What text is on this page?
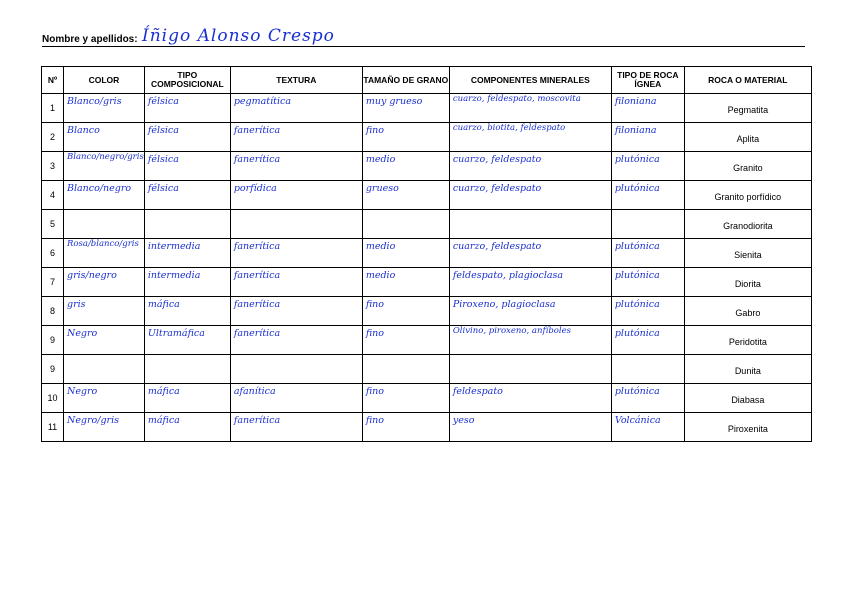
Nombre y apellidos: Íñigo Alonso Crespo
Nº	COLOR	TIPO COMPOSICIONAL	TEXTURA	TAMAÑO DE GRANO	COMPONENTES MINERALES	TIPO DE ROCA ÍGNEA	ROCA O MATERIAL
1	Blanco/gris	félsica	pegmatítica	muy grueso	cuarzo, feldespato, moscovita	filoniana	Pegmatita
2	Blanco	félsica	fanerítica	fino	cuarzo, biotita, feldespato	filoniana	Aplita
3	Blanco/negro/gris	félsica	fanerítica	medio	cuarzo, feldespato	plutónica	Granito
4	Blanco/negro	félsica	porfídica	grueso	cuarzo, feldespato	plutónica	Granito porfídico
5							Granodiorita
6	Rosa/blanco/gris	intermedia	fanerítica	medio	cuarzo, feldespato	plutónica	Sienita
7	gris/negro	intermedia	fanerítica	medio	feldespato, plagioclasa	plutónica	Diorita
8	gris	máfica	fanerítica	fino	Piroxeno, plagioclasa	plutónica	Gabro
9	Negro	Ultramáfica	fanerítica	fino	Olivino, piroxeno, anfíboles	plutónica	Peridotita
9							Dunita
10	Negro	máfica	afanítica	fino	feldespato	plutónica	Diabasa
11	Negro/gris	máfica	fanerítica	fino	yeso	Volcánica	Piroxenita
